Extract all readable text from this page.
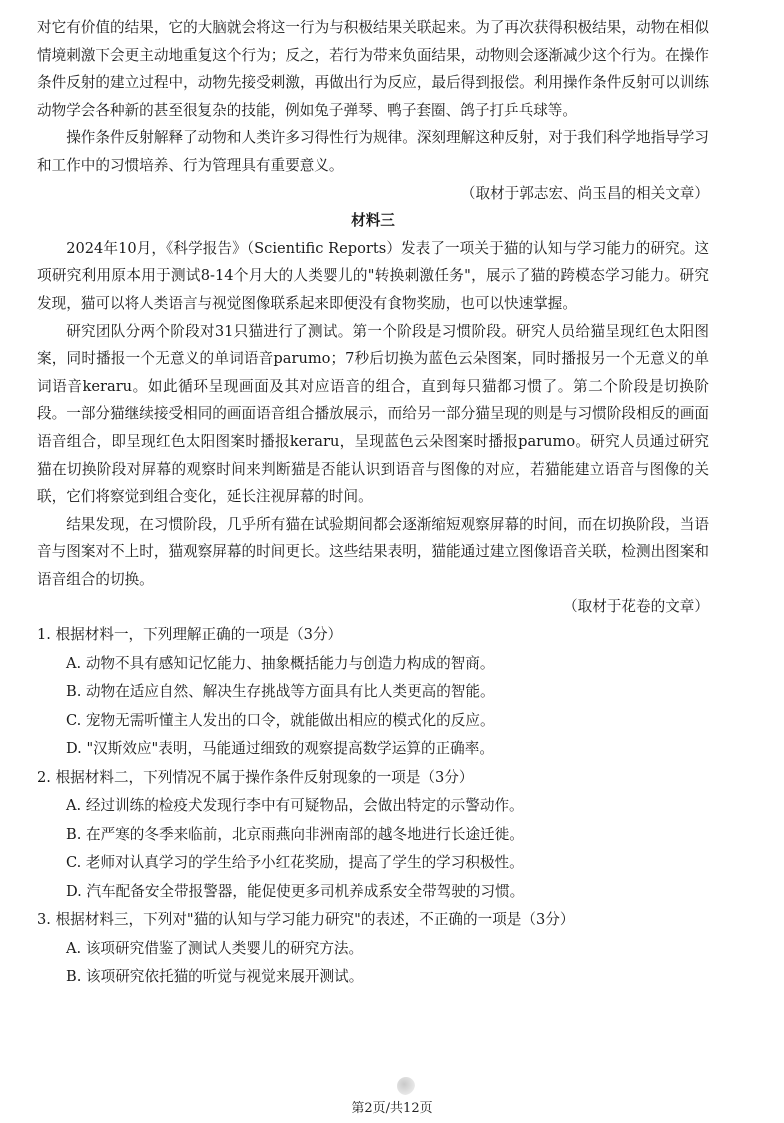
对它有价值的结果，它的大脑就会将这一行为与积极结果关联起来。为了再次获得积极结果，动物在相似情境刺激下会更主动地重复这个行为；反之，若行为带来负面结果，动物则会逐渐减少这个行为。在操作条件反射的建立过程中，动物先接受刺激，再做出行为反应，最后得到报偿。利用操作条件反射可以训练动物学会各种新的甚至很复杂的技能，例如兔子弹琴、鸭子套圈、鸽子打乒乓球等。

操作条件反射解释了动物和人类许多习得性行为规律。深刻理解这种反射，对于我们科学地指导学习和工作中的习惯培养、行为管理具有重要意义。

（取材于郭志宏、尚玉昌的相关文章）

材料三

2024年10月，《科学报告》（Scientific Reports）发表了一项关于猫的认知与学习能力的研究。这项研究利用原本用于测试8-14个月大的人类婴儿的"转换刺激任务"，展示了猫的跨模态学习能力。研究发现，猫可以将人类语言与视觉图像联系起来即便没有食物奖励，也可以快速掌握。

研究团队分两个阶段对31只猫进行了测试。第一个阶段是习惯阶段。研究人员给猫呈现红色太阳图案，同时播报一个无意义的单词语音parumo；7秒后切换为蓝色云朵图案，同时播报另一个无意义的单词语音keraru。如此循环呈现画面及其对应语音的组合，直到每只猫都习惯了。第二个阶段是切换阶段。一部分猫继续接受相同的画面语音组合播放展示，而给另一部分猫呈现的则是与习惯阶段相反的画面语音组合，即呈现红色太阳图案时播报keraru，呈现蓝色云朵图案时播报parumo。研究人员通过研究猫在切换阶段对屏幕的观察时间来判断猫是否能认识到语音与图像的对应，若猫能建立语音与图像的关联，它们将察觉到组合变化，延长注视屏幕的时间。

结果发现，在习惯阶段，几乎所有猫在试验期间都会逐渐缩短观察屏幕的时间，而在切换阶段，当语音与图案对不上时，猫观察屏幕的时间更长。这些结果表明，猫能通过建立图像语音关联，检测出图案和语音组合的切换。

（取材于花卷的文章）

1. 根据材料一，下列理解正确的一项是（3分）

A. 动物不具有感知记忆能力、抽象概括能力与创造力构成的智商。

B. 动物在适应自然、解决生存挑战等方面具有比人类更高的智能。

C. 宠物无需听懂主人发出的口令，就能做出相应的模式化的反应。

D. "汉斯效应"表明，马能通过细致的观察提高数学运算的正确率。

2. 根据材料二，下列情况不属于操作条件反射现象的一项是（3分）

A. 经过训练的检疫犬发现行李中有可疑物品，会做出特定的示警动作。

B. 在严寒的冬季来临前，北京雨燕向非洲南部的越冬地进行长途迁徙。

C. 老师对认真学习的学生给予小红花奖励，提高了学生的学习积极性。

D. 汽车配备安全带报警器，能促使更多司机养成系安全带驾驶的习惯。

3. 根据材料三，下列对"猫的认知与学习能力研究"的表述，不正确的一项是（3分）

A. 该项研究借鉴了测试人类婴儿的研究方法。

B. 该项研究依托猫的听觉与视觉来展开测试。

第2页/共12页
